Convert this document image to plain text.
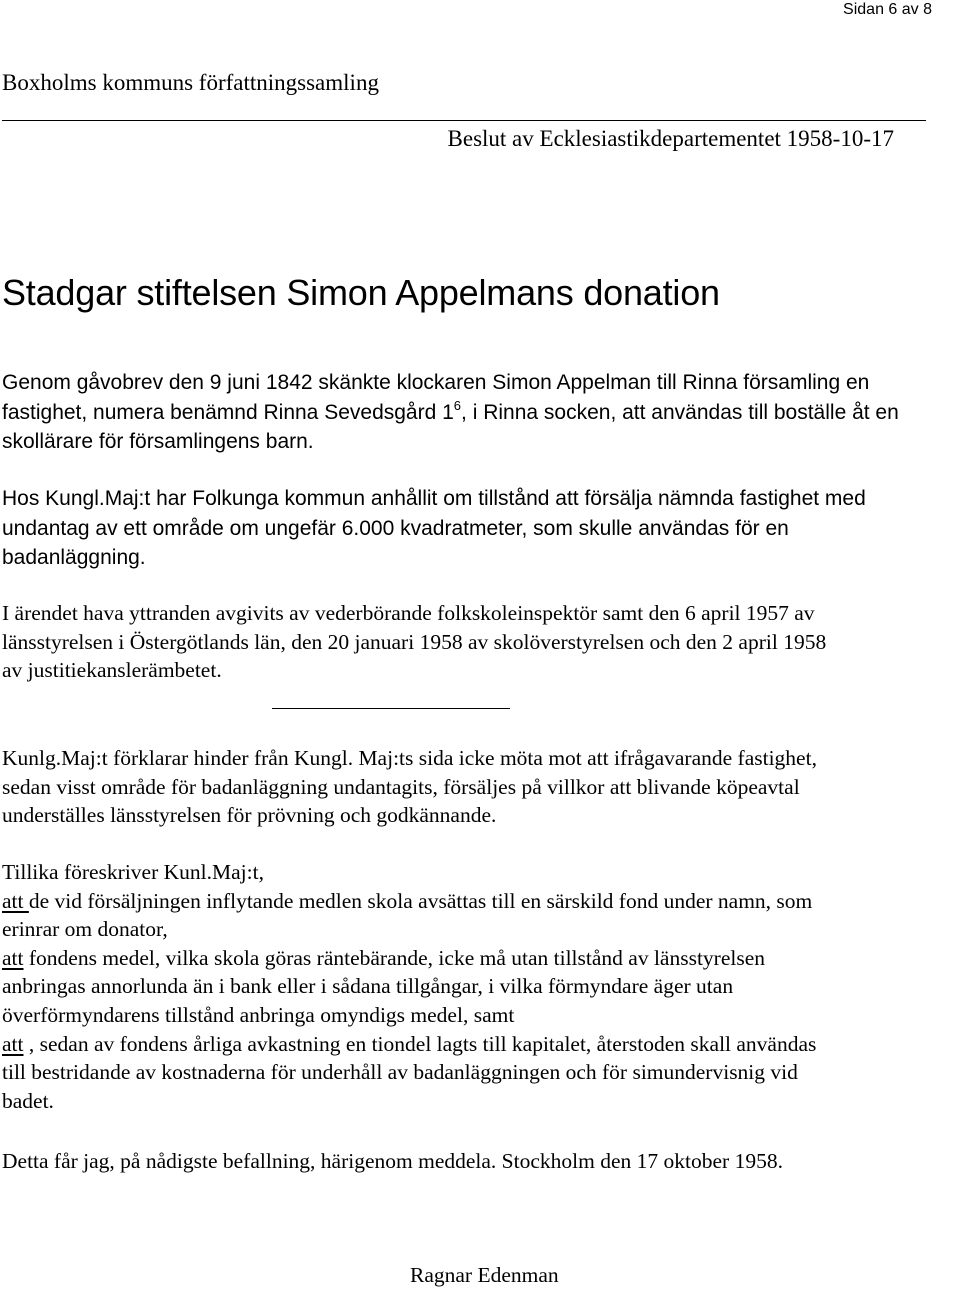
Sidan 6 av 8
Boxholms kommuns författningssamling
Beslut av Ecklesiastikdepartementet 1958-10-17
Stadgar stiftelsen Simon Appelmans donation
Genom gåvobrev den 9 juni 1842 skänkte klockaren Simon Appelman till Rinna församling en
fastighet, numera benämnd Rinna Sevedsgård $1^6$, i Rinna socken, att användas till boställe åt en
skollärare för församlingens barn.
Hos Kungl.Maj:t har Folkunga kommun anhållit om tillstånd att försälja nämnda fastighet med
undantag av ett område om ungefär 6.000 kvadratmeter, som skulle användas för en
badanläggning.
I ärendet hava yttranden avgivits av vederbörande folkskoleinspektör samt den 6 april 1957 av
länsstyrelsen i Östergötlands län, den 20 januari 1958 av skolöverstyrelsen och den 2 april 1958
av justitiekanslerämbetet.
Kunlg.Maj:t förklarar hinder från Kungl. Maj:ts sida icke möta mot att ifrågavarande fastighet,
sedan visst område för badanläggning undantagits, försäljes på villkor att blivande köpeavtal
underställes länsstyrelsen för prövning och godkännande.
Tillika föreskriver Kunl.Maj:t,
att de vid försäljningen inflytande medlen skola avsättas till en särskild fond under namn, som
erinrar om donator,
att fondens medel, vilka skola göras räntebärande, icke må utan tillstånd av länsstyrelsen
anbringas annorlunda än i bank eller i sådana tillgångar, i vilka förmyndare äger utan
överförmyndarens tillstånd anbringa omyndigs medel, samt
att , sedan av fondens årliga avkastning en tiondel lagts till kapitalet, återstoden skall användas
till bestridande av kostnaderna för underhåll av badanläggningen och för simundervisnig vid
badet.
Detta får jag, på nådigste befallning, härigenom meddela. Stockholm den 17 oktober 1958.
Ragnar Edenman
